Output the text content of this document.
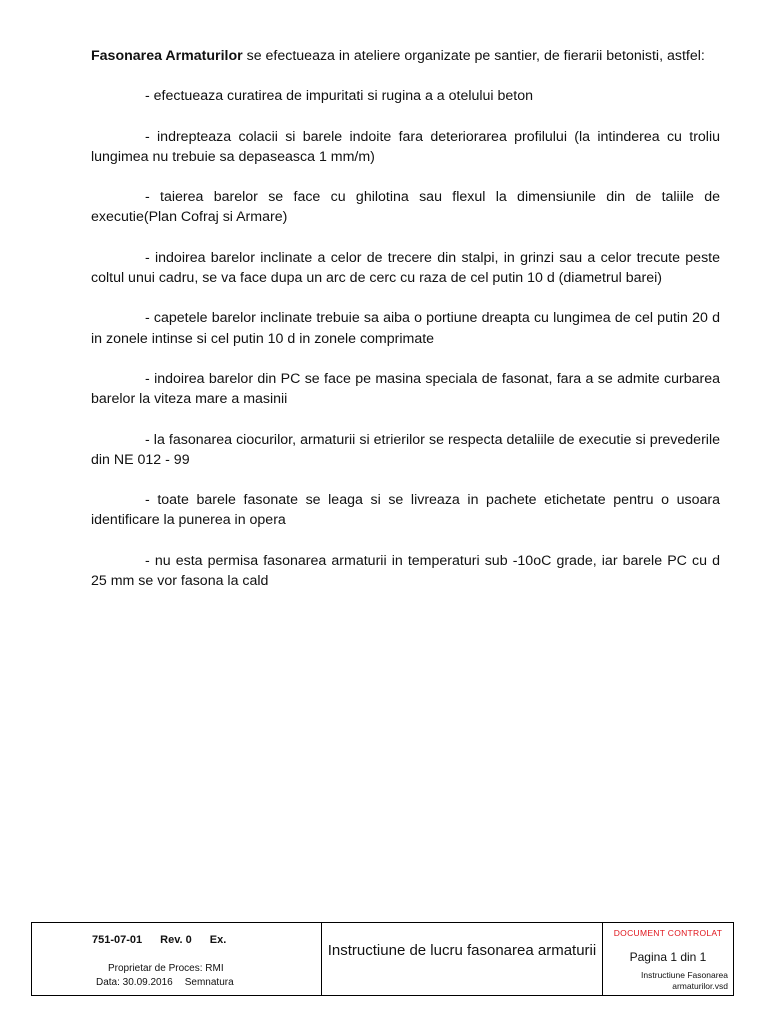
Fasonarea Armaturilor se efectueaza in ateliere organizate pe santier, de fierarii betonisti, astfel:

- efectueaza curatirea de impuritati si rugina a a otelului beton

- indrepteaza colacii si barele indoite fara deteriorarea profilului (la intinderea cu troliu lungimea nu trebuie sa depaseasca 1 mm/m)

- taierea barelor se face cu ghilotina sau flexul la dimensiunile din de taliile de executie(Plan Cofraj si Armare)

- indoirea barelor inclinate a celor de trecere din stalpi, in grinzi sau a celor trecute peste coltul unui cadru, se va face dupa un arc de cerc cu raza de cel putin 10 d (diametrul barei)

- capetele barelor inclinate trebuie sa aiba o portiune dreapta cu lungimea de cel putin 20 d in zonele intinse si cel putin 10 d in zonele comprimate

- indoirea barelor din PC se face pe masina speciala de fasonat, fara a se admite curbarea barelor la viteza mare a masinii

- la fasonarea ciocurilor, armaturii si etrierilor se respecta detaliile de executie si prevederile din NE 012 - 99

- toate barele fasonate se leaga si se livreaza in pachete etichetate pentru o usoara identificare la punerea in opera

- nu esta permisa fasonarea armaturii in temperaturi sub -10oC grade, iar barele PC cu d 25 mm se vor fasona la cald

751-07-01 Rev. 0 Ex.
Proprietar de Proces: RMI
Data: 30.09.2016 Semnatura
Instructiune de lucru fasonarea armaturii
DOCUMENT CONTROLAT
Pagina 1 din 1
Instructiune Fasonarea armaturilor.vsd
